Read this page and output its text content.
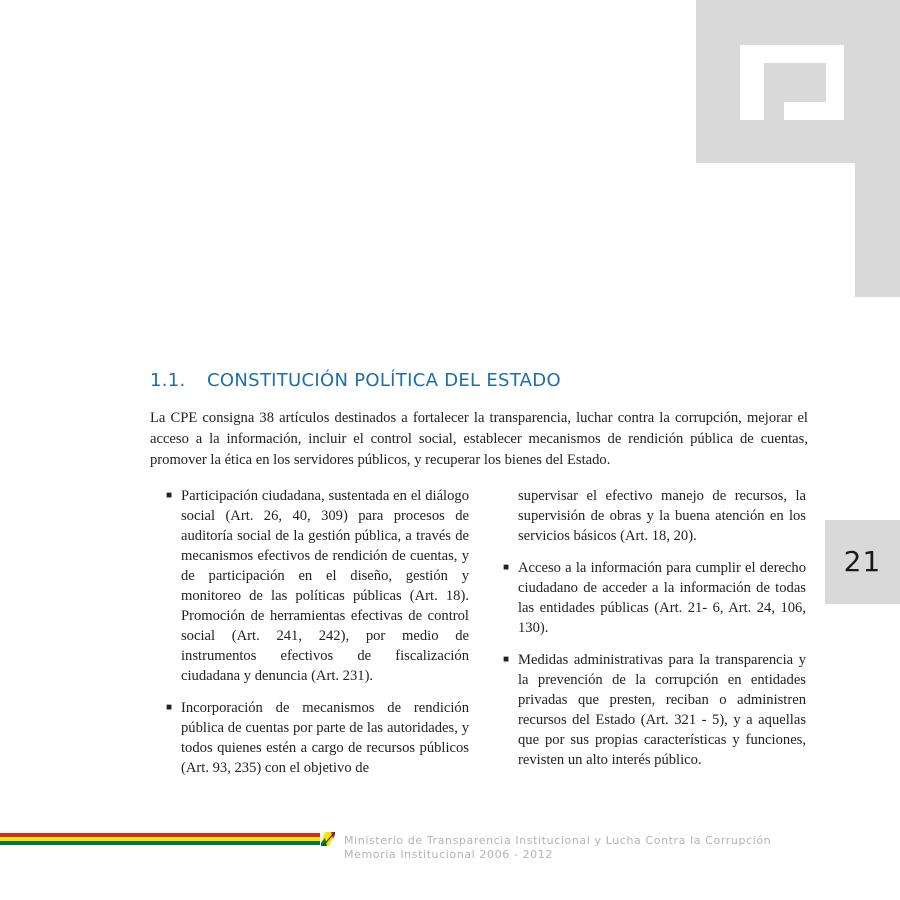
21
1.1. CONSTITUCIÓN POLÍTICA DEL ESTADO

La CPE consigna 38 artículos destinados a fortalecer la transparencia, luchar contra la corrupción, mejorar el acceso a la información, incluir el control social, establecer mecanismos de rendición pública de cuentas, promover la ética en los servidores públicos, y recuperar los bienes del Estado.

■ Participación ciudadana, sustentada en el diálogo social (Art. 26, 40, 309) para procesos de auditoría social de la gestión pública, a través de mecanismos efectivos de rendición de cuentas, y de participación en el diseño, gestión y monitoreo de las políticas públicas (Art. 18). Promoción de herramientas efectivas de control social (Art. 241, 242), por medio de instrumentos efectivos de fiscalización ciudadana y denuncia (Art. 231).

■ Incorporación de mecanismos de rendición pública de cuentas por parte de las autoridades, y todos quienes estén a cargo de recursos públicos (Art. 93, 235) con el objetivo de

supervisar el efectivo manejo de recursos, la supervisión de obras y la buena atención en los servicios básicos (Art. 18, 20).

■ Acceso a la información para cumplir el derecho ciudadano de acceder a la información de todas las entidades públicas (Art. 21- 6, Art. 24, 106, 130).

■ Medidas administrativas para la transparencia y la prevención de la corrupción en entidades privadas que presten, reciban o administren recursos del Estado (Art. 321 - 5), y a aquellas que por sus propias características y funciones, revisten un alto interés público.

Ministerio de Transparencia Institucional y Lucha Contra la Corrupción
Memoria Institucional 2006 - 2012
